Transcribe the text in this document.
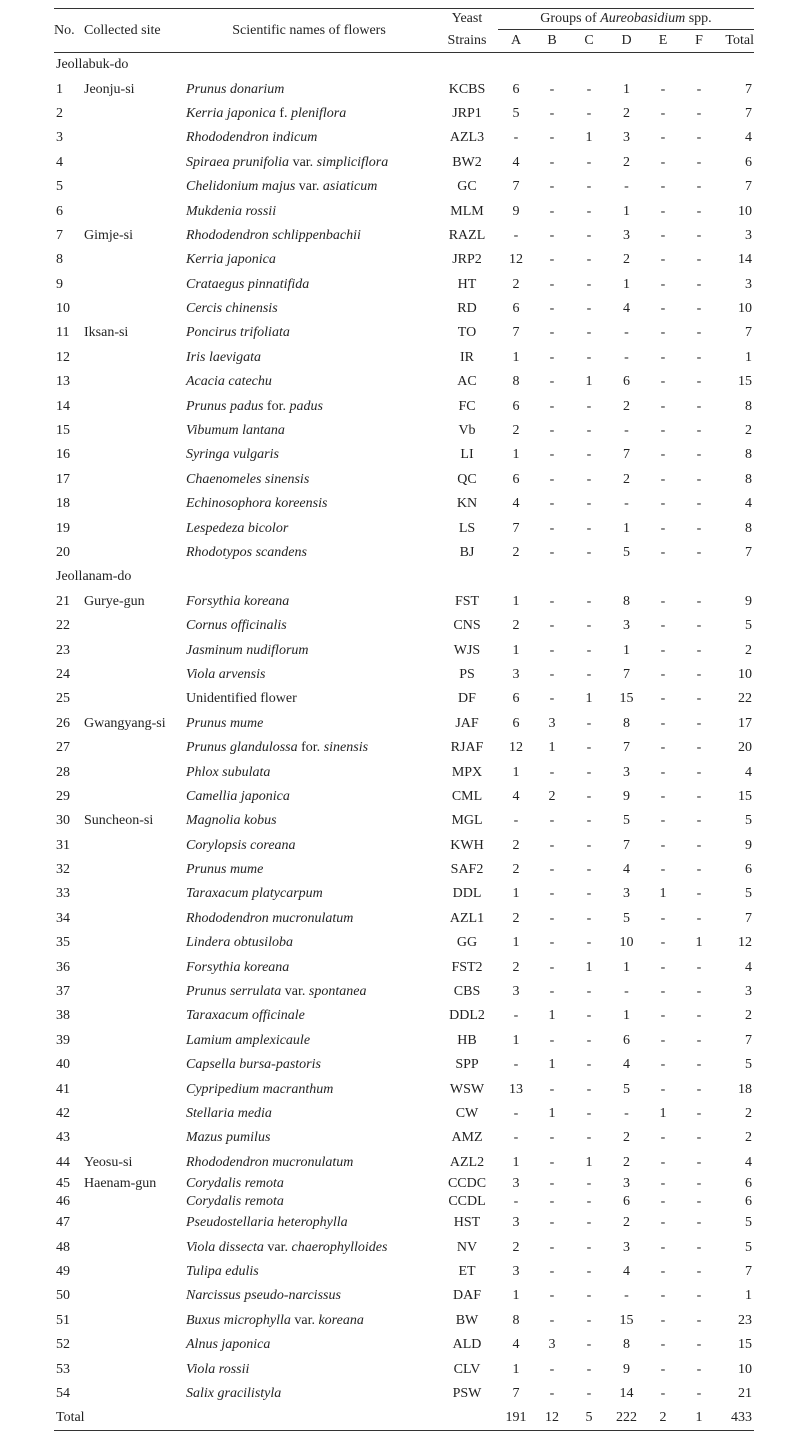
No.	Collected site	Scientific names of flowers	Yeast	Groups of Aureobasidium spp.						
			Strains	A	B	C	D	E	F	Total
Jeollabuk-do										
1	Jeonju-si	Prunus donarium	KCBS	6	-	-	1	-	-	7
2		Kerria japonica f. pleniflora	JRP1	5	-	-	2	-	-	7
3		Rhododendron indicum	AZL3	-	-	1	3	-	-	4
4		Spiraea prunifolia var. simpliciflora	BW2	4	-	-	2	-	-	6
5		Chelidonium majus var. asiaticum	GC	7	-	-	-	-	-	7
6		Mukdenia rossii	MLM	9	-	-	1	-	-	10
7	Gimje-si	Rhododendron schlippenbachii	RAZL	-	-	-	3	-	-	3
8		Kerria japonica	JRP2	12	-	-	2	-	-	14
9		Crataegus pinnatifida	HT	2	-	-	1	-	-	3
10		Cercis chinensis	RD	6	-	-	4	-	-	10
11	Iksan-si	Poncirus trifoliata	TO	7	-	-	-	-	-	7
12		Iris laevigata	IR	1	-	-	-	-	-	1
13		Acacia catechu	AC	8	-	1	6	-	-	15
14		Prunus padus for. padus	FC	6	-	-	2	-	-	8
15		Vibumum lantana	Vb	2	-	-	-	-	-	2
16		Syringa vulgaris	LI	1	-	-	7	-	-	8
17		Chaenomeles sinensis	QC	6	-	-	2	-	-	8
18		Echinosophora koreensis	KN	4	-	-	-	-	-	4
19		Lespedeza bicolor	LS	7	-	-	1	-	-	8
20		Rhodotypos scandens	BJ	2	-	-	5	-	-	7
Jeollanam-do										
21	Gurye-gun	Forsythia koreana	FST	1	-	-	8	-	-	9
22		Cornus officinalis	CNS	2	-	-	3	-	-	5
23		Jasminum nudiflorum	WJS	1	-	-	1	-	-	2
24		Viola arvensis	PS	3	-	-	7	-	-	10
25		Unidentified flower	DF	6	-	1	15	-	-	22
26	Gwangyang-si	Prunus mume	JAF	6	3	-	8	-	-	17
27		Prunus glandulossa for. sinensis	RJAF	12	1	-	7	-	-	20
28		Phlox subulata	MPX	1	-	-	3	-	-	4
29		Camellia japonica	CML	4	2	-	9	-	-	15
30	Suncheon-si	Magnolia kobus	MGL	-	-	-	5	-	-	5
31		Corylopsis coreana	KWH	2	-	-	7	-	-	9
32		Prunus mume	SAF2	2	-	-	4	-	-	6
33		Taraxacum platycarpum	DDL	1	-	-	3	1	-	5
34		Rhododendron mucronulatum	AZL1	2	-	-	5	-	-	7
35		Lindera obtusiloba	GG	1	-	-	10	-	1	12
36		Forsythia koreana	FST2	2	-	1	1	-	-	4
37		Prunus serrulata var. spontanea	CBS	3	-	-	-	-	-	3
38		Taraxacum officinale	DDL2	-	1	-	1	-	-	2
39		Lamium amplexicaule	HB	1	-	-	6	-	-	7
40		Capsella bursa-pastoris	SPP	-	1	-	4	-	-	5
41		Cypripedium macranthum	WSW	13	-	-	5	-	-	18
42		Stellaria media	CW	-	1	-	-	1	-	2
43		Mazus pumilus	AMZ	-	-	-	2	-	-	2
44	Yeosu-si	Rhododendron mucronulatum	AZL2	1	-	1	2	-	-	4
45	Haenam-gun	Corydalis remota	CCDC	3	-	-	3	-	-	6
46		Corydalis remota	CCDL	-	-	-	6	-	-	6
47		Pseudostellaria heterophylla	HST	3	-	-	2	-	-	5
48		Viola dissecta var. chaerophylloides	NV	2	-	-	3	-	-	5
49		Tulipa edulis	ET	3	-	-	4	-	-	7
50		Narcissus pseudo-narcissus	DAF	1	-	-	-	-	-	1
51		Buxus microphylla var. koreana	BW	8	-	-	15	-	-	23
52		Alnus japonica	ALD	4	3	-	8	-	-	15
53		Viola rossii	CLV	1	-	-	9	-	-	10
54		Salix gracilistyla	PSW	7	-	-	14	-	-	21
Total				191	12	5	222	2	1	433
